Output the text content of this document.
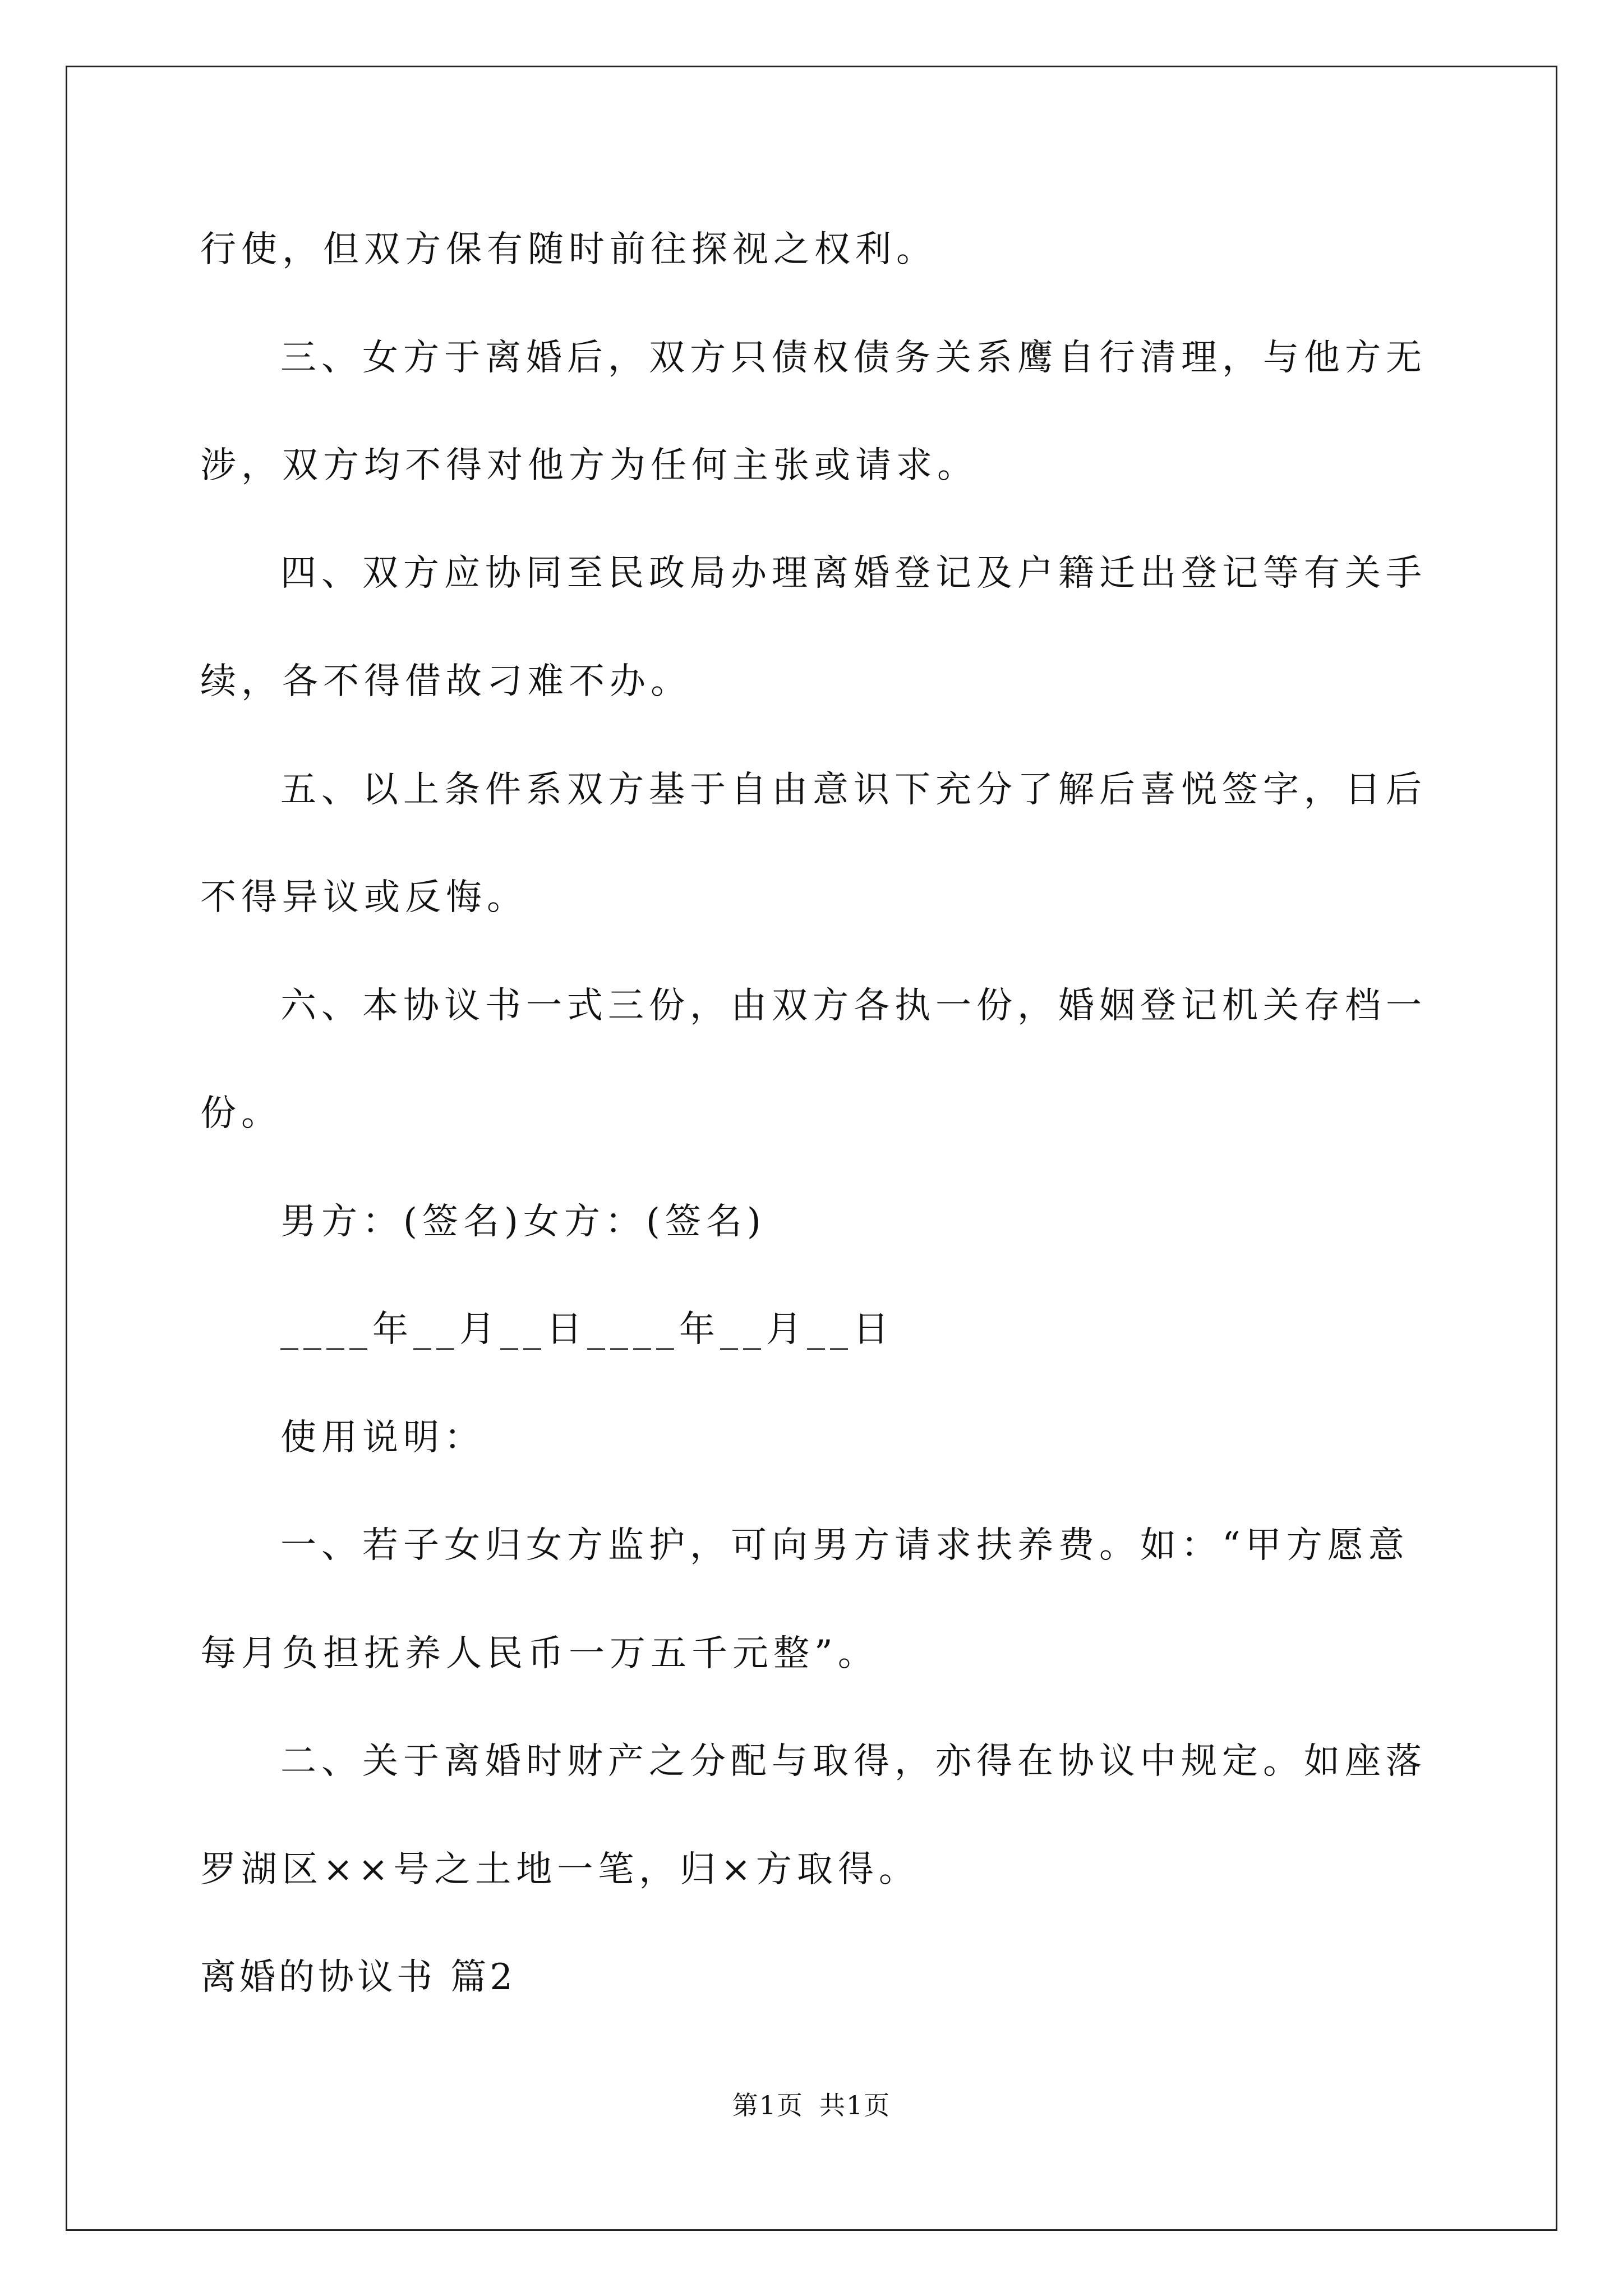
行使，但双方保有随时前往探视之权利。
三、女方于离婚后，双方只债权债务关系鹰自行清理，与他方无
涉，双方均不得对他方为任何主张或请求。
四、双方应协同至民政局办理离婚登记及户籍迁出登记等有关手
续，各不得借故刁难不办。
五、以上条件系双方基于自由意识下充分了解后喜悦签字，日后
不得异议或反悔。
六、本协议书一式三份，由双方各执一份，婚姻登记机关存档一
份。
男方：(签名)女方：(签名)
____年__月__日____年__月__日
使用说明：
一、若子女归女方监护，可向男方请求扶养费。如：“甲方愿意
每月负担抚养人民币一万五千元整”。
二、关于离婚时财产之分配与取得，亦得在协议中规定。如座落
罗湖区××号之土地一笔，归×方取得。
离婚的协议书 篇2
第1页 共1页
